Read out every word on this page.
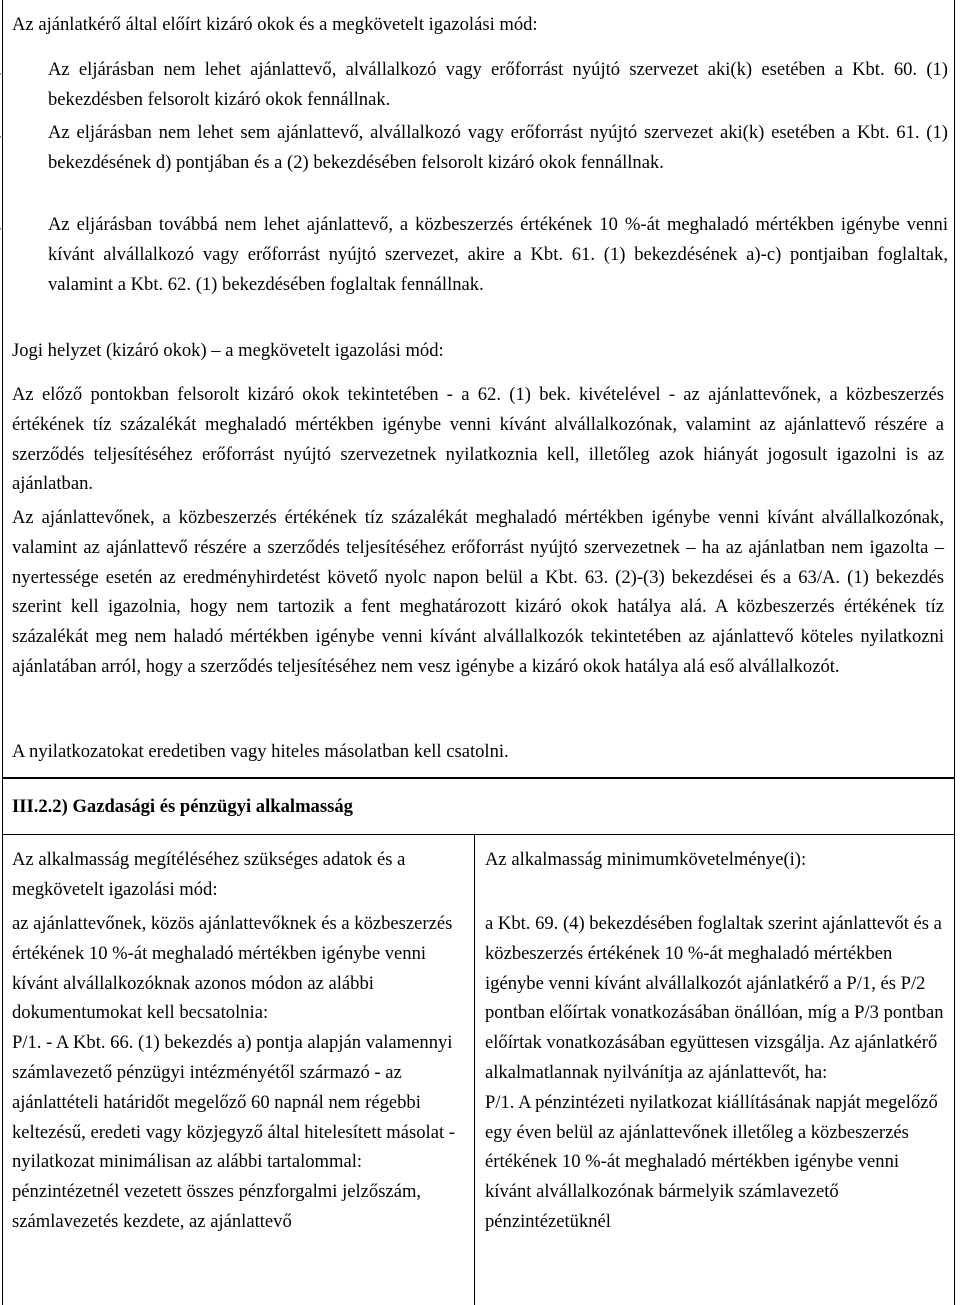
Az ajánlatkérő által előírt kizáró okok és a megkövetelt igazolási mód:

Az eljárásban nem lehet ajánlattevő, alvállalkozó vagy erőforrást nyújtó szervezet aki(k) esetében a Kbt. 60. (1) bekezdésben felsorolt kizáró okok fennállnak.

Az eljárásban nem lehet sem ajánlattevő, alvállalkozó vagy erőforrást nyújtó szervezet aki(k) esetében a Kbt. 61. (1) bekezdésének d) pontjában és a (2) bekezdésében felsorolt kizáró okok fennállnak.

Az eljárásban továbbá nem lehet ajánlattevő, a közbeszerzés értékének 10 %-át meghaladó mértékben igénybe venni kívánt alvállalkozó vagy erőforrást nyújtó szervezet, akire a Kbt. 61. (1) bekezdésének a)-c) pontjaiban foglaltak, valamint a Kbt. 62. (1) bekezdésében foglaltak fennállnak.

Jogi helyzet (kizáró okok) – a megkövetelt igazolási mód:

Az előző pontokban felsorolt kizáró okok tekintetében - a 62. (1) bek. kivételével - az ajánlattevőnek, a közbeszerzés értékének tíz százalékát meghaladó mértékben igénybe venni kívánt alvállalkozónak, valamint az ajánlattevő részére a szerződés teljesítéséhez erőforrást nyújtó szervezetnek nyilatkoznia kell, illetőleg azok hiányát jogosult igazolni is az ajánlatban.

Az ajánlattevőnek, a közbeszerzés értékének tíz százalékát meghaladó mértékben igénybe venni kívánt alvállalkozónak, valamint az ajánlattevő részére a szerződés teljesítéséhez erőforrást nyújtó szervezetnek – ha az ajánlatban nem igazolta – nyertessége esetén az eredményhirdetést követő nyolc napon belül a Kbt. 63. (2)-(3) bekezdései és a 63/A. (1) bekezdés szerint kell igazolnia, hogy nem tartozik a fent meghatározott kizáró okok hatálya alá. A közbeszerzés értékének tíz százalékát meg nem haladó mértékben igénybe venni kívánt alvállalkozók tekintetében az ajánlattevő köteles nyilatkozni ajánlatában arról, hogy a szerződés teljesítéséhez nem vesz igénybe a kizáró okok hatálya alá eső alvállalkozót.

A nyilatkozatokat eredetiben vagy hiteles másolatban kell csatolni.

III.2.2) Gazdasági és pénzügyi alkalmasság

Az alkalmasság megítéléséhez szükséges adatok és a megkövetelt igazolási mód:

Az alkalmasság minimumkövetelménye(i):

az ajánlattevőnek, közös ajánlattevőknek és a közbeszerzés értékének 10 %-át meghaladó mértékben igénybe venni kívánt alvállalkozóknak azonos módon az alábbi dokumentumokat kell becsatolnia:
P/1. - A Kbt. 66. (1) bekezdés a) pontja alapján valamennyi számlavezető pénzügyi intézményétől származó - az ajánlattételi határidőt megelőző 60 napnál nem régebbi keltezésű, eredeti vagy közjegyző által hitelesített másolat - nyilatkozat minimálisan az alábbi tartalommal: pénzintézetnél vezetett összes pénzforgalmi jelzőszám, számlavezetés kezdete, az ajánlattevő

a Kbt. 69. (4) bekezdésében foglaltak szerint ajánlattevőt és a közbeszerzés értékének 10 %-át meghaladó mértékben igénybe venni kívánt alvállalkozót ajánlatkérő a P/1, és P/2 pontban előírtak vonatkozásában önállóan, míg a P/3 pontban előírtak vonatkozásában együttesen vizsgálja. Az ajánlatkérő alkalmatlannak nyilvánítja az ajánlattevőt, ha:
P/1. A pénzintézeti nyilatkozat kiállításának napját megelőző egy éven belül az ajánlattevőnek illetőleg a közbeszerzés értékének 10 %-át meghaladó mértékben igénybe venni kívánt alvállalkozónak bármelyik számlavezető pénzintézetüknél
